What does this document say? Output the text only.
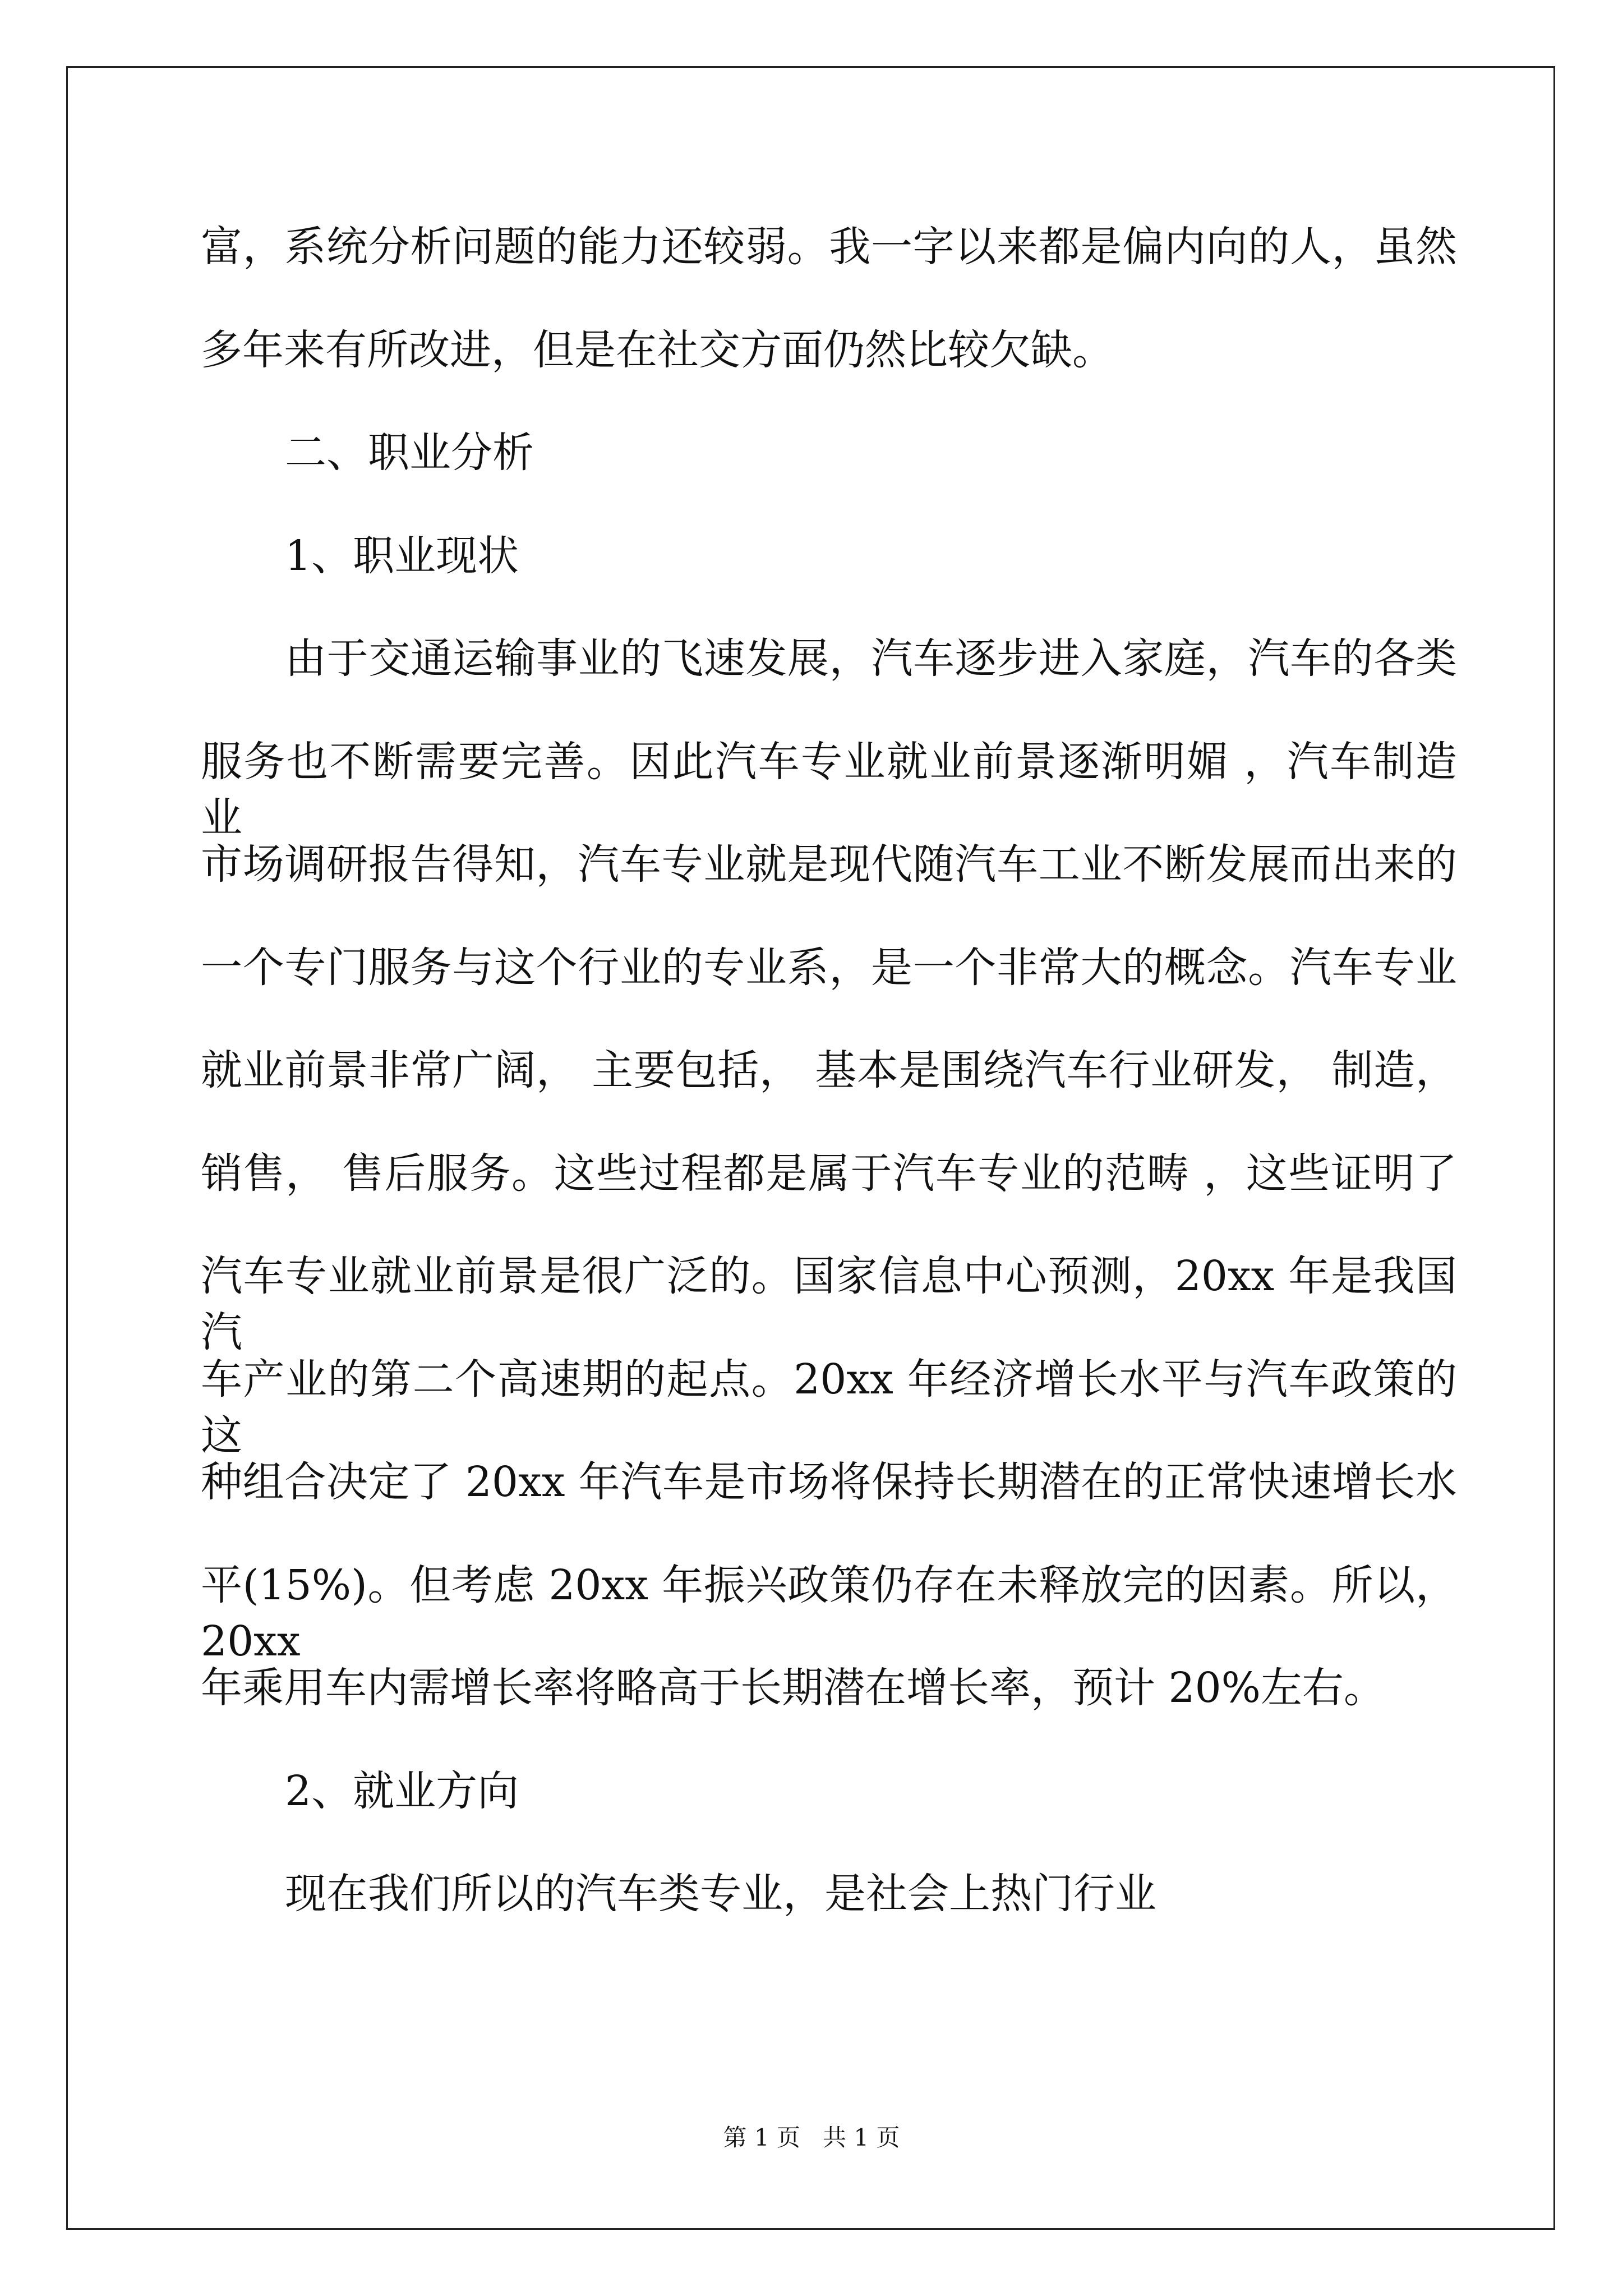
富，系统分析问题的能力还较弱。我一字以来都是偏内向的人，虽然
多年来有所改进，但是在社交方面仍然比较欠缺。
二、职业分析
1、职业现状
由于交通运输事业的飞速发展，汽车逐步进入家庭，汽车的各类
服务也不断需要完善。因此汽车专业就业前景逐渐明媚 ，汽车制造业
市场调研报告得知，汽车专业就是现代随汽车工业不断发展而出来的
一个专门服务与这个行业的专业系，是一个非常大的概念。汽车专业
就业前景非常广阔， 主要包括， 基本是围绕汽车行业研发， 制造，
销售， 售后服务。这些过程都是属于汽车专业的范畴 ，这些证明了
汽车专业就业前景是很广泛的。国家信息中心预测，20xx 年是我国汽
车产业的第二个高速期的起点。20xx 年经济增长水平与汽车政策的这
种组合决定了 20xx 年汽车是市场将保持长期潜在的正常快速增长水
平(15%)。但考虑 20xx 年振兴政策仍存在未释放完的因素。所以，20xx
年乘用车内需增长率将略高于长期潜在增长率，预计 20%左右。
2、就业方向
现在我们所以的汽车类专业，是社会上热门行业
第 1 页   共 1 页
